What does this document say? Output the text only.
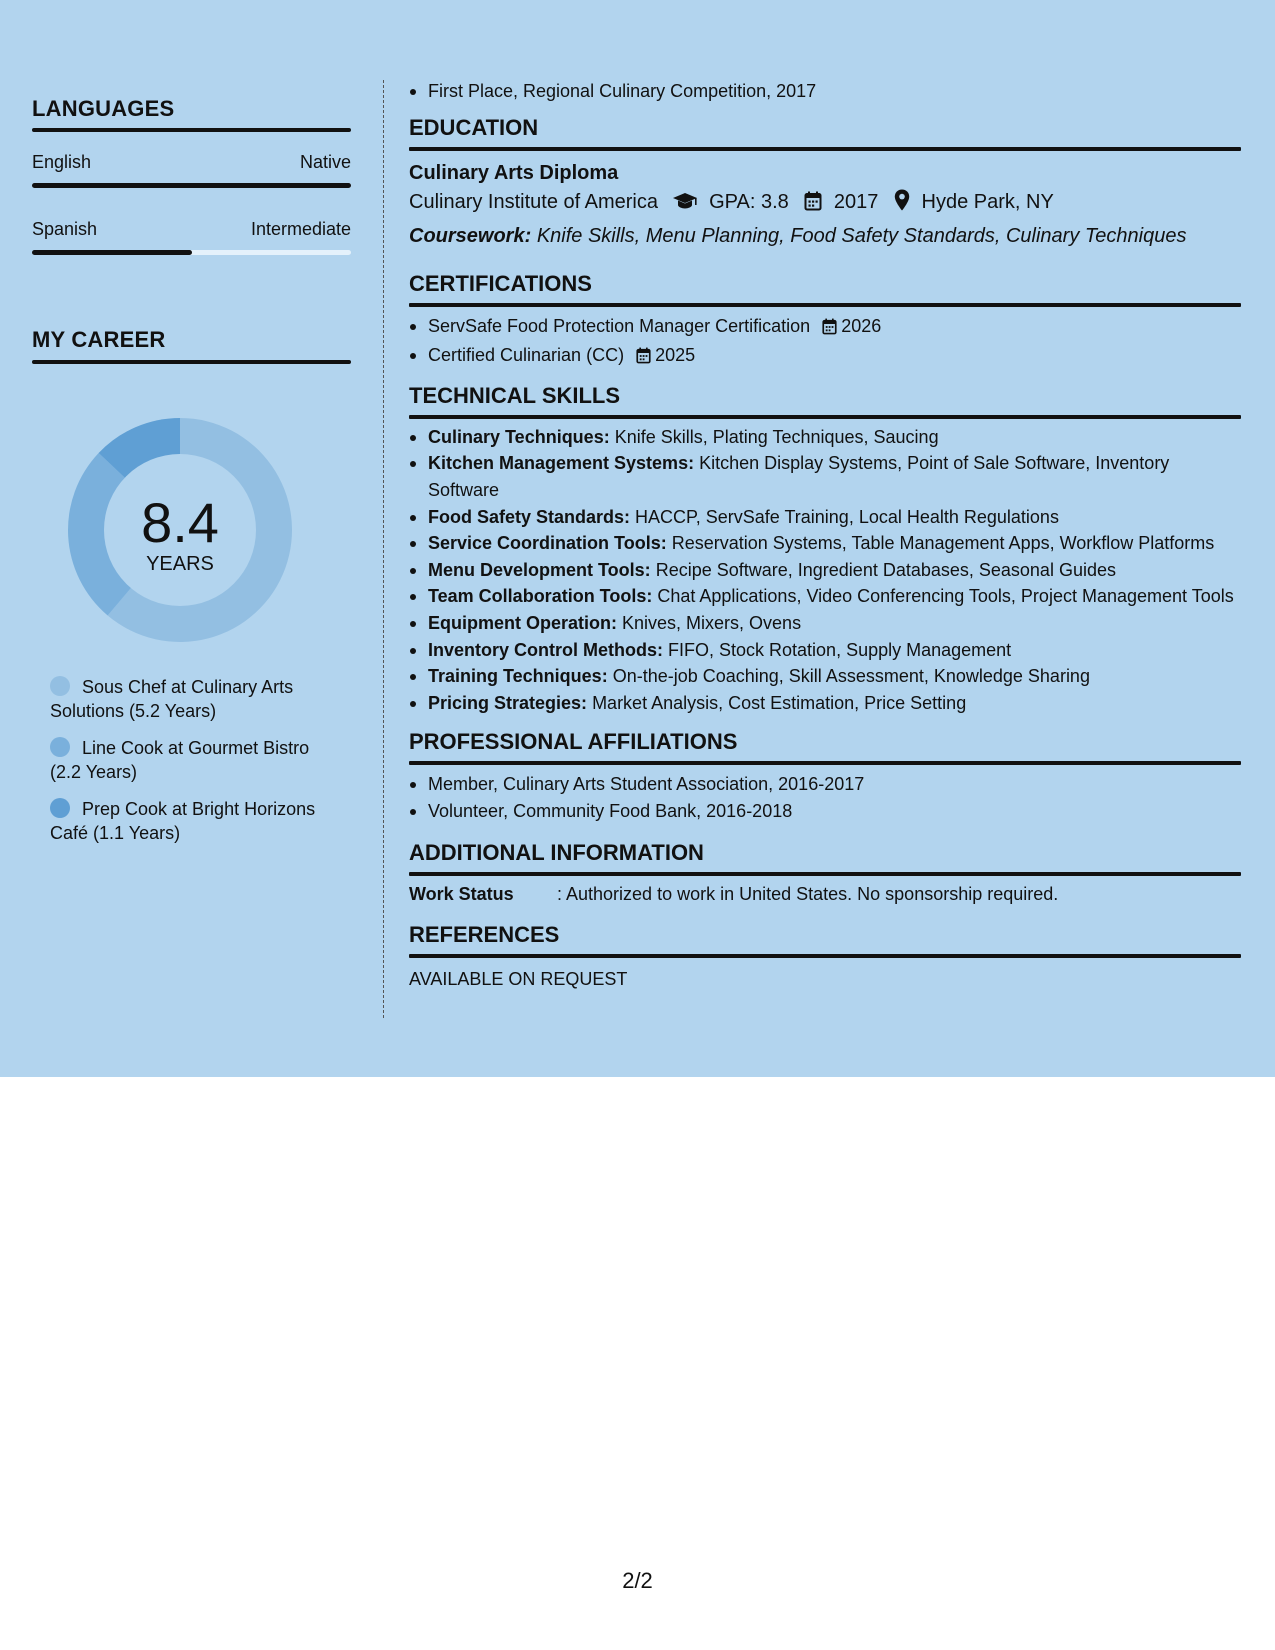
LANGUAGES
English	Native
Spanish	Intermediate
MY CAREER
8.4
YEARS
Sous Chef at Culinary Arts Solutions (5.2 Years)
Line Cook at Gourmet Bistro (2.2 Years)
Prep Cook at Bright Horizons Café (1.1 Years)
First Place, Regional Culinary Competition, 2017
EDUCATION
Culinary Arts Diploma
Culinary Institute of America	GPA: 3.8 2017 Hyde Park, NY
Coursework: Knife Skills, Menu Planning, Food Safety Standards, Culinary Techniques
CERTIFICATIONS
ServSafe Food Protection Manager Certification 2026
Certified Culinarian (CC) 2025
TECHNICAL SKILLS
Culinary Techniques: Knife Skills, Plating Techniques, Saucing
Kitchen Management Systems: Kitchen Display Systems, Point of Sale Software, Inventory Software
Food Safety Standards: HACCP, ServSafe Training, Local Health Regulations
Service Coordination Tools: Reservation Systems, Table Management Apps, Workflow Platforms
Menu Development Tools: Recipe Software, Ingredient Databases, Seasonal Guides
Team Collaboration Tools: Chat Applications, Video Conferencing Tools, Project Management Tools
Equipment Operation: Knives, Mixers, Ovens
Inventory Control Methods: FIFO, Stock Rotation, Supply Management
Training Techniques: On-the-job Coaching, Skill Assessment, Knowledge Sharing
Pricing Strategies: Market Analysis, Cost Estimation, Price Setting
PROFESSIONAL AFFILIATIONS
Member, Culinary Arts Student Association, 2016-2017
Volunteer, Community Food Bank, 2016-2018
ADDITIONAL INFORMATION
Work Status : Authorized to work in United States. No sponsorship required.
REFERENCES
AVAILABLE ON REQUEST
2/2
